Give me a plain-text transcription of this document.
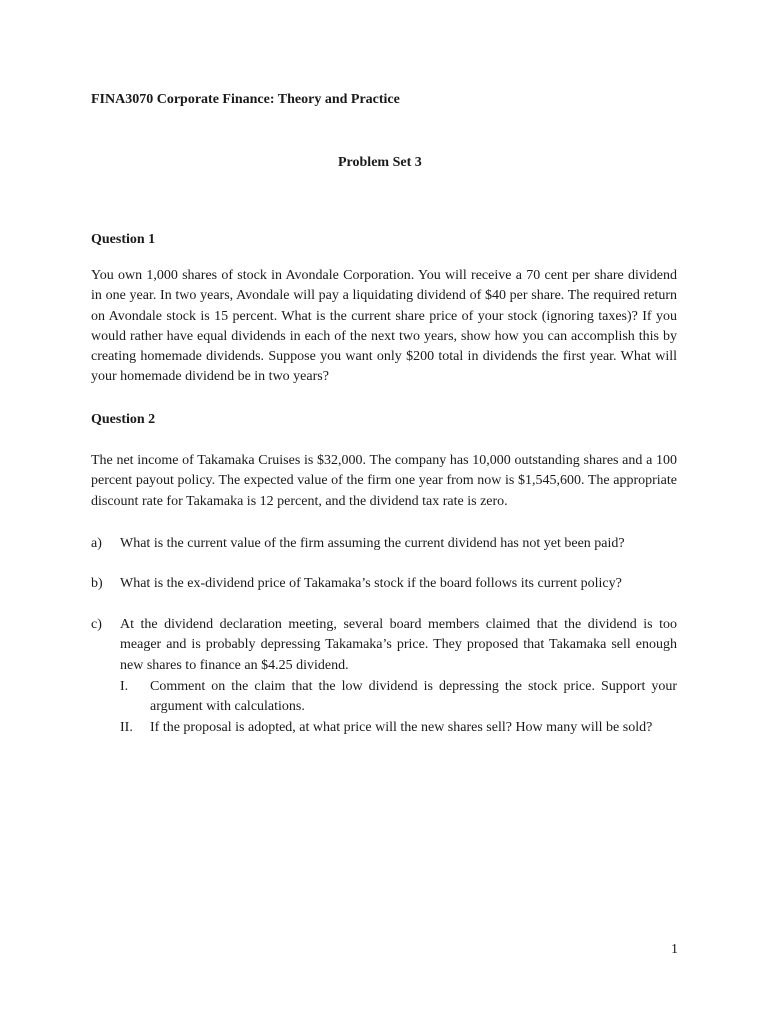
FINA3070 Corporate Finance: Theory and Practice
Problem Set 3
Question 1
You own 1,000 shares of stock in Avondale Corporation. You will receive a 70 cent per share dividend in one year. In two years, Avondale will pay a liquidating dividend of $40 per share. The required return on Avondale stock is 15 percent. What is the current share price of your stock (ignoring taxes)? If you would rather have equal dividends in each of the next two years, show how you can accomplish this by creating homemade dividends. Suppose you want only $200 total in dividends the first year. What will your homemade dividend be in two years?
Question 2
The net income of Takamaka Cruises is $32,000. The company has 10,000 outstanding shares and a 100 percent payout policy. The expected value of the firm one year from now is $1,545,600. The appropriate discount rate for Takamaka is 12 percent, and the dividend tax rate is zero.
a) What is the current value of the firm assuming the current dividend has not yet been paid?
b) What is the ex-dividend price of Takamaka’s stock if the board follows its current policy?
c) At the dividend declaration meeting, several board members claimed that the dividend is too meager and is probably depressing Takamaka’s price. They proposed that Takamaka sell enough new shares to finance an $4.25 dividend.
I. Comment on the claim that the low dividend is depressing the stock price. Support your argument with calculations.
II. If the proposal is adopted, at what price will the new shares sell? How many will be sold?
1
